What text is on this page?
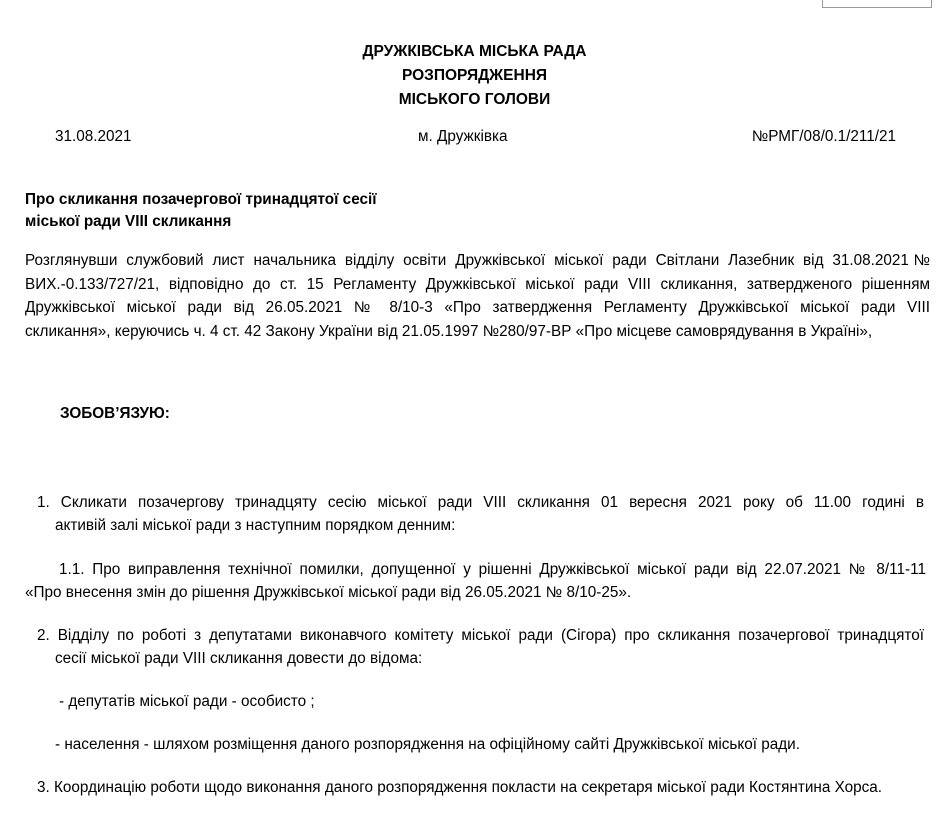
ДРУЖКІВСЬКА МІСЬКА РАДА
РОЗПОРЯДЖЕННЯ
МІСЬКОГО ГОЛОВИ
31.08.2021	м. Дружківка	№РМГ/08/0.1/211/21
Про скликання позачергової тринадцятої сесії
міської ради VIII скликання
Розглянувши службовий лист начальника відділу освіти Дружківської міської ради Світлани Лазебник від 31.08.2021№
ВИХ.-0.133/727/21, відповідно до ст. 15 Регламенту Дружківської міської ради VIII скликання, затвердженого рішенням
Дружківської міської ради від 26.05.2021 № 8/10-3 «Про затвердження Регламенту Дружківської міської ради VIII
скликання», керуючись ч. 4 ст. 42 Закону України від 21.05.1997 №280/97-ВР «Про місцеве самоврядування в Україні»,
ЗОБОВ’ЯЗУЮ:
1. Скликати позачергову тринадцяту сесію міської ради VIII скликання 01 вересня 2021 року об 11.00 годині в
активій залі міської ради з наступним порядком денним:
1.1. Про виправлення технічної помилки, допущенної у рішенні Дружківської міської ради від 22.07.2021 № 8/11-11
«Про внесення змін до рішення Дружківської міської ради від 26.05.2021 № 8/10-25».
2. Відділу по роботі з депутатами виконавчого комітету міської ради (Сігора) про скликання позачергової тринадцятої
сесії міської ради VIII скликання довести до відома:
- депутатів міської ради - особисто ;
- населення - шляхом розміщення даного розпорядження на офіційному сайті Дружківської міської ради.
3. Координацію роботи щодо виконання даного розпорядження покласти на секретаря міської ради Костянтина Хорса.
